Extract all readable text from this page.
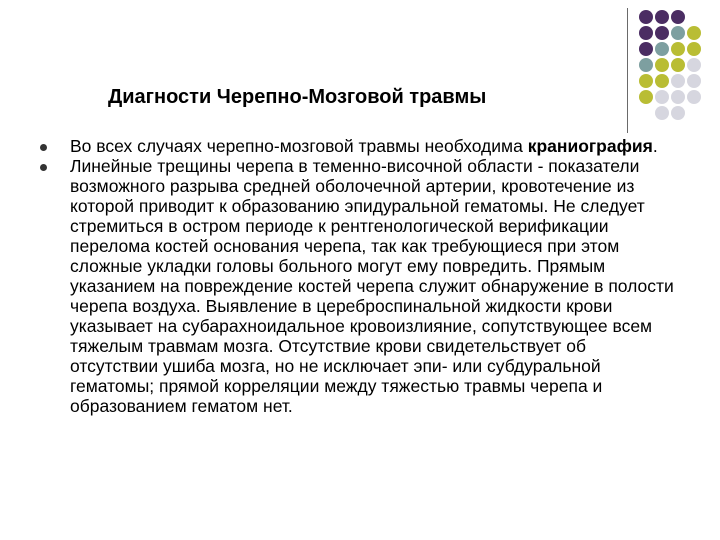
Диагности Черепно-Мозговой травмы
Во всех случаях черепно-мозговой травмы необходима краниография.
Линейные трещины черепа в теменно-височной области - показатели возможного разрыва средней оболочечной артерии, кровотечение из которой приводит к образованию эпидуральной гематомы. Не следует стремиться в остром периоде к рентгенологической верификации перелома костей основания черепа, так как требующиеся при этом сложные укладки головы больного могут ему повредить. Прямым указанием на повреждение костей черепа служит обнаружение в полости черепа воздуха. Выявление в цереброспинальной жидкости крови указывает на субарахноидальное кровоизлияние, сопутствующее всем тяжелым травмам мозга. Отсутствие крови свидетельствует об отсутствии ушиба мозга, но не исключает эпи- или субдуральной гематомы; прямой корреляции между тяжестью травмы черепа и образованием гематом нет.
